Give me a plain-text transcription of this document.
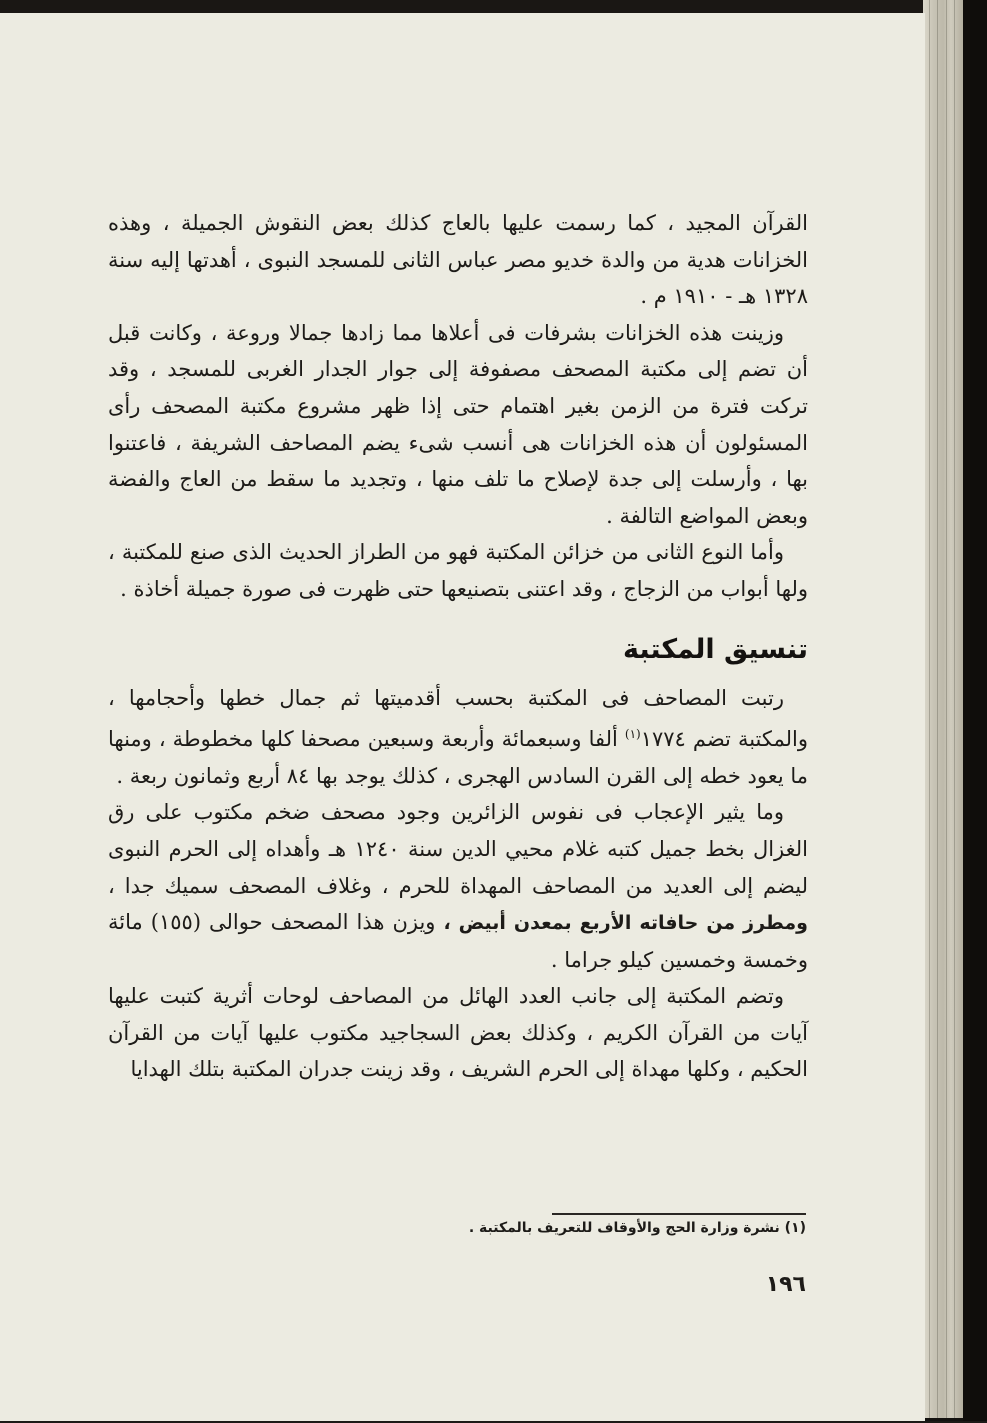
القرآن المجيد ، كما رسمت عليها بالعاج كذلك بعض النقوش الجميلة ، وهذه الخزانات هدية من والدة خديو مصر عباس الثانى للمسجد النبوى ، أهدتها إليه سنة ١٣٢٨ هـ - ١٩١٠ م .

وزينت هذه الخزانات بشرفات فى أعلاها مما زادها جمالا وروعة ، وكانت قبل أن تضم إلى مكتبة المصحف مصفوفة إلى جوار الجدار الغربى للمسجد ، وقد تركت فترة من الزمن بغير اهتمام حتى إذا ظهر مشروع مكتبة المصحف رأى المسئولون أن هذه الخزانات هى أنسب شىء يضم المصاحف الشريفة ، فاعتنوا بها ، وأرسلت إلى جدة لإصلاح ما تلف منها ، وتجديد ما سقط من العاج والفضة وبعض المواضع التالفة .

وأما النوع الثانى من خزائن المكتبة فهو من الطراز الحديث الذى صنع للمكتبة ، ولها أبواب من الزجاج ، وقد اعتنى بتصنيعها حتى ظهرت فى صورة جميلة أخاذة .

تنسيق المكتبة

رتبت المصاحف فى المكتبة بحسب أقدميتها ثم جمال خطها وأحجامها ، والمكتبة تضم ١٧٧٤$^{(١)}$ ألفا وسبعمائة وأربعة وسبعين مصحفا كلها مخطوطة ، ومنها ما يعود خطه إلى القرن السادس الهجرى ، كذلك يوجد بها ٨٤ أربع وثمانون ربعة .

وما يثير الإعجاب فى نفوس الزائرين وجود مصحف ضخم مكتوب على رق الغزال بخط جميل كتبه غلام محيي الدين سنة ١٢٤٠ هـ وأهداه إلى الحرم النبوى ليضم إلى العديد من المصاحف المهداة للحرم ، وغلاف المصحف سميك جدا ، ومطرز من حافاته الأربع بمعدن أبيض ، ويزن هذا المصحف حوالى (١٥٥) مائة وخمسة وخمسين كيلو جراما .

وتضم المكتبة إلى جانب العدد الهائل من المصاحف لوحات أثرية كتبت عليها آيات من القرآن الكريم ، وكذلك بعض السجاجيد مكتوب عليها آيات من القرآن الحكيم ، وكلها مهداة إلى الحرم الشريف ، وقد زينت جدران المكتبة بتلك الهدايا

(١) نشرة وزارة الحج والأوقاف للتعريف بالمكتبة .
١٩٦
